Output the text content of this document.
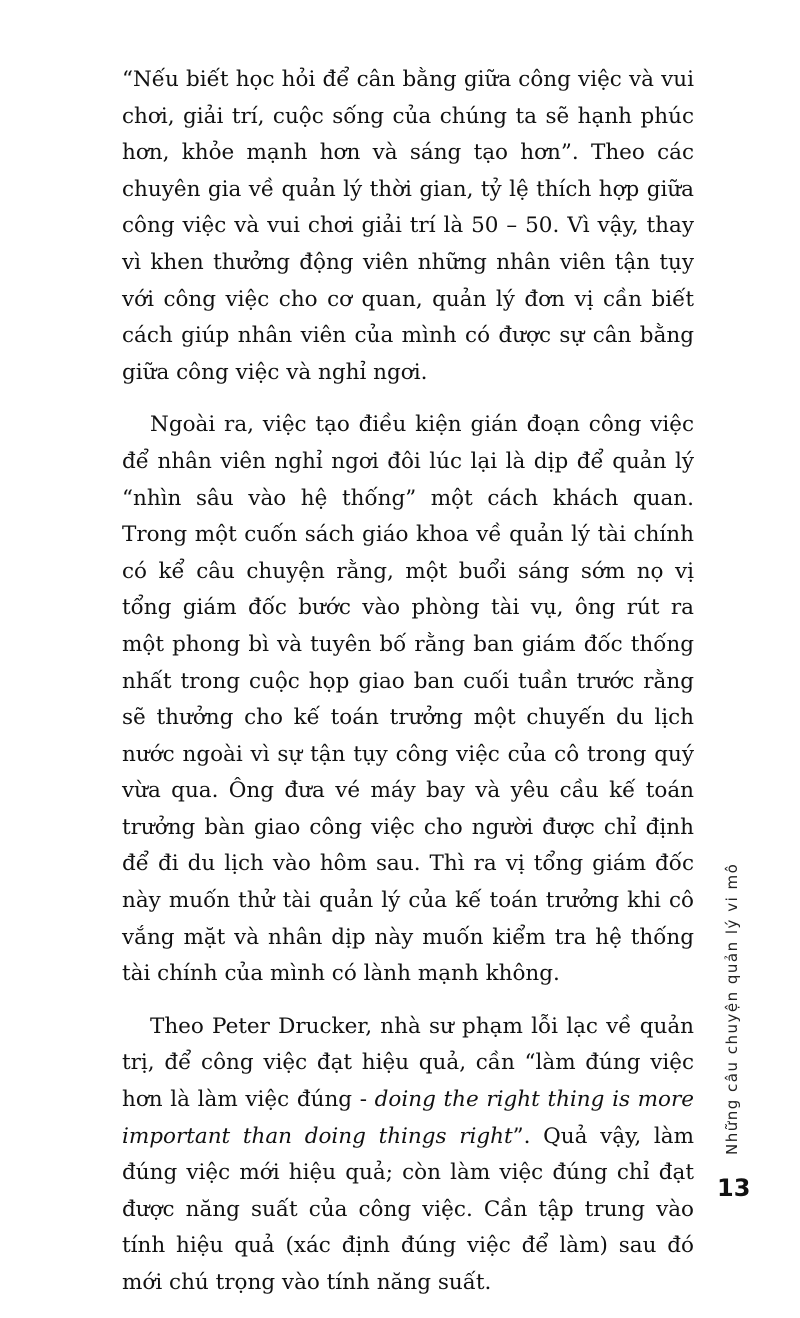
“Nếu biết học hỏi để cân bằng giữa công việc và vui chơi, giải trí, cuộc sống của chúng ta sẽ hạnh phúc hơn, khỏe mạnh hơn và sáng tạo hơn”. Theo các chuyên gia về quản lý thời gian, tỷ lệ thích hợp giữa công việc và vui chơi giải trí là 50 – 50. Vì vậy, thay vì khen thưởng động viên những nhân viên tận tụy với công việc cho cơ quan, quản lý đơn vị cần biết cách giúp nhân viên của mình có được sự cân bằng giữa công việc và nghỉ ngơi.

Ngoài ra, việc tạo điều kiện gián đoạn công việc để nhân viên nghỉ ngơi đôi lúc lại là dịp để quản lý “nhìn sâu vào hệ thống” một cách khách quan. Trong một cuốn sách giáo khoa về quản lý tài chính có kể câu chuyện rằng, một buổi sáng sớm nọ vị tổng giám đốc bước vào phòng tài vụ, ông rút ra một phong bì và tuyên bố rằng ban giám đốc thống nhất trong cuộc họp giao ban cuối tuần trước rằng sẽ thưởng cho kế toán trưởng một chuyến du lịch nước ngoài vì sự tận tụy công việc của cô trong quý vừa qua. Ông đưa vé máy bay và yêu cầu kế toán trưởng bàn giao công việc cho người được chỉ định để đi du lịch vào hôm sau. Thì ra vị tổng giám đốc này muốn thử tài quản lý của kế toán trưởng khi cô vắng mặt và nhân dịp này muốn kiểm tra hệ thống tài chính của mình có lành mạnh không.

Theo Peter Drucker, nhà sư phạm lỗi lạc về quản trị, để công việc đạt hiệu quả, cần “làm đúng việc hơn là làm việc đúng - doing the right thing is more important than doing things right”. Quả vậy, làm đúng việc mới hiệu quả; còn làm việc đúng chỉ đạt được năng suất của công việc. Cần tập trung vào tính hiệu quả (xác định đúng việc để làm) sau đó mới chú trọng vào tính năng suất.

Những câu chuyện quản lý vi mô
13
